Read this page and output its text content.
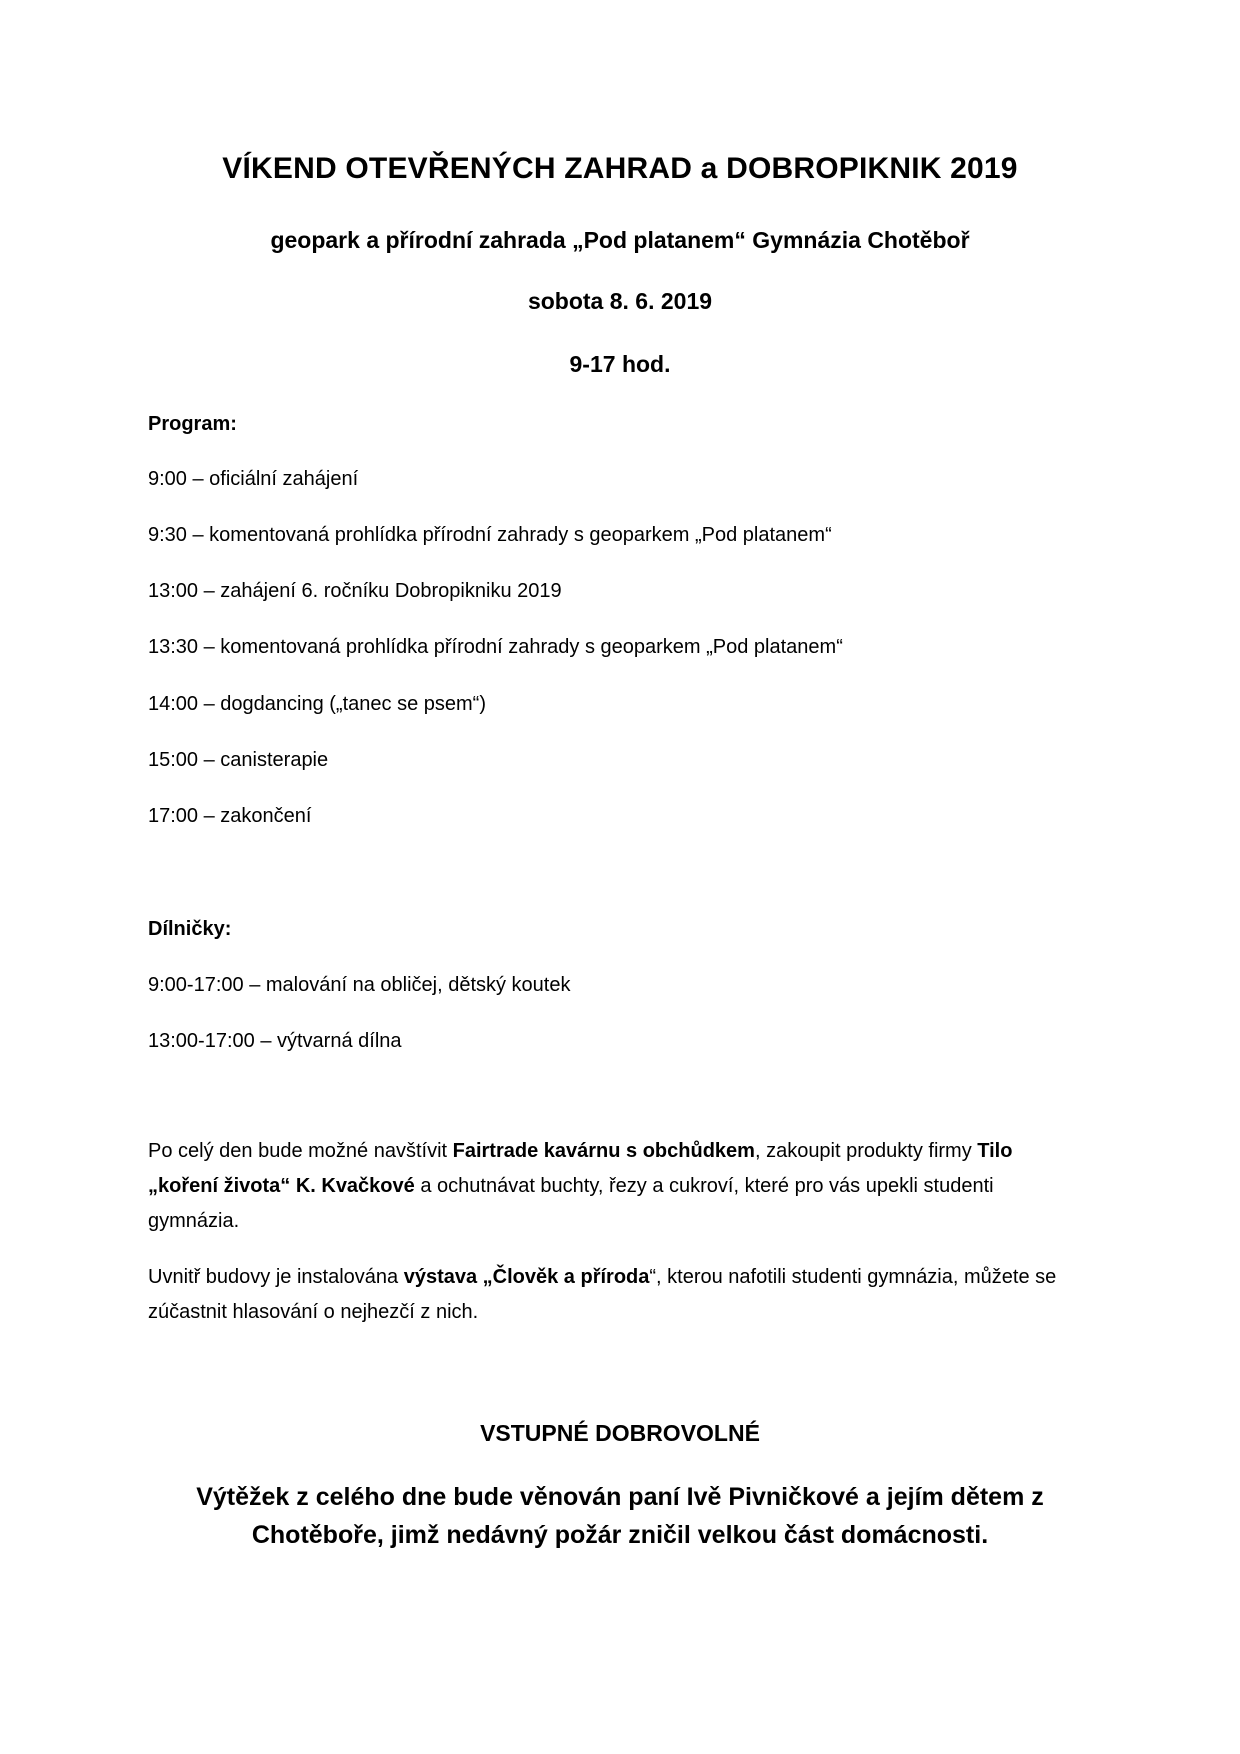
VÍKEND OTEVŘENÝCH ZAHRAD a DOBROPIKNIK 2019
geopark a přírodní zahrada „Pod platanem“ Gymnázia Chotěboř
sobota 8. 6. 2019
9-17 hod.
Program:
9:00 – oficiální zahájení
9:30 – komentovaná prohlídka přírodní zahrady s geoparkem „Pod platanem“
13:00 – zahájení 6. ročníku Dobropikniku 2019
13:30 – komentovaná prohlídka přírodní zahrady s geoparkem „Pod platanem“
14:00 – dogdancing („tanec se psem“)
15:00 – canisterapie
17:00 – zakončení
Dílničky:
9:00-17:00 – malování na obličej, dětský koutek
13:00-17:00 – výtvarná dílna
Po celý den bude možné navštívit Fairtrade kavárnu s obchůdkem, zakoupit produkty firmy Tilo „koření života“ K. Kvačkové a ochutnávat buchty, řezy a cukroví, které pro vás upekli studenti gymnázia.
Uvnitř budovy je instalována výstava „Člověk a příroda“, kterou nafotili studenti gymnázia, můžete se zúčastnit hlasování o nejhezčí z nich.
VSTUPNÉ DOBROVOLNÉ
Výtěžek z celého dne bude věnován paní Ivě Pivničkové a jejím dětem z
Chotěboře, jimž nedávný požár zničil velkou část domácnosti.
